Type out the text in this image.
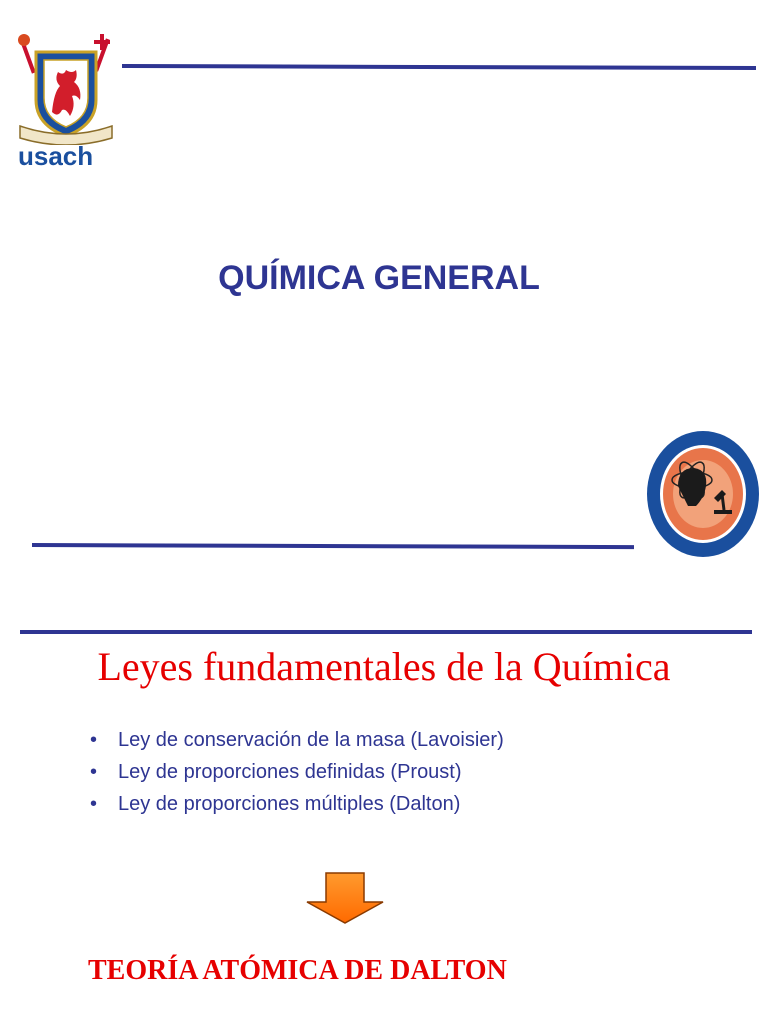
usach
QUÍMICA GENERAL
Leyes fundamentales de la Química
• Ley de conservación de la masa (Lavoisier)
• Ley de proporciones definidas (Proust)
• Ley de proporciones múltiples (Dalton)
TEORÍA ATÓMICA DE DALTON
